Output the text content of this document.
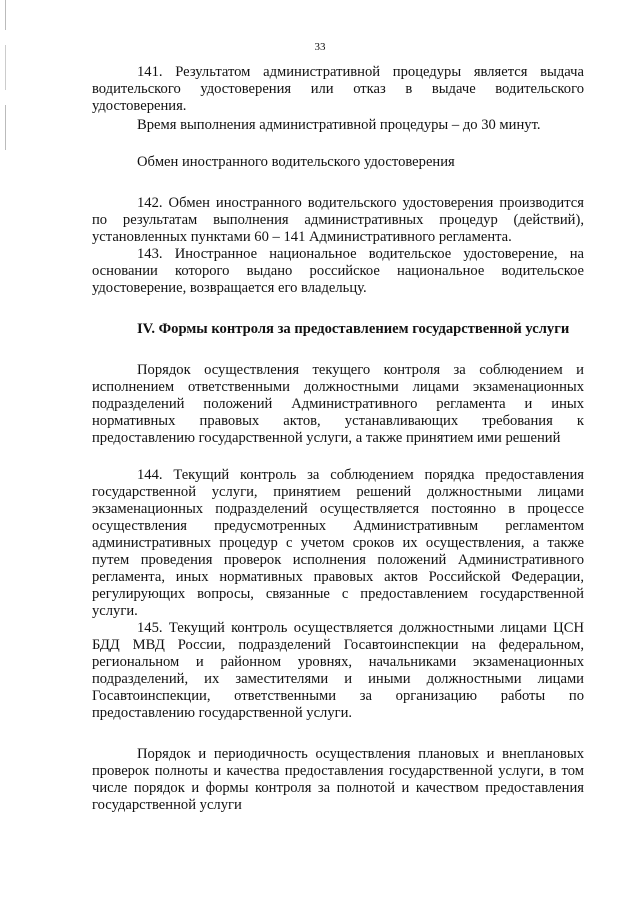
33

141. Результатом административной процедуры является выдача водительского удостоверения или отказ в выдаче водительского удостоверения.

Время выполнения административной процедуры – до 30 минут.

Обмен иностранного водительского удостоверения

142. Обмен иностранного водительского удостоверения производится по результатам выполнения административных процедур (действий), установленных пунктами 60 – 141 Административного регламента.

143. Иностранное национальное водительское удостоверение, на основании которого выдано российское национальное водительское удостоверение, возвращается его владельцу.

IV. Формы контроля за предоставлением государственной услуги

Порядок осуществления текущего контроля за соблюдением и исполнением ответственными должностными лицами экзаменационных подразделений положений Административного регламента и иных нормативных правовых актов, устанавливающих требования к предоставлению государственной услуги, а также принятием ими решений

144. Текущий контроль за соблюдением порядка предоставления государственной услуги, принятием решений должностными лицами экзаменационных подразделений осуществляется постоянно в процессе осуществления предусмотренных Административным регламентом административных процедур с учетом сроков их осуществления, а также путем проведения проверок исполнения положений Административного регламента, иных нормативных правовых актов Российской Федерации, регулирующих вопросы, связанные с предоставлением государственной услуги.

145. Текущий контроль осуществляется должностными лицами ЦСН БДД МВД России, подразделений Госавтоинспекции на федеральном, региональном и районном уровнях, начальниками экзаменационных подразделений, их заместителями и иными должностными лицами Госавтоинспекции, ответственными за организацию работы по предоставлению государственной услуги.

Порядок и периодичность осуществления плановых и внеплановых проверок полноты и качества предоставления государственной услуги, в том числе порядок и формы контроля за полнотой и качеством предоставления государственной услуги
